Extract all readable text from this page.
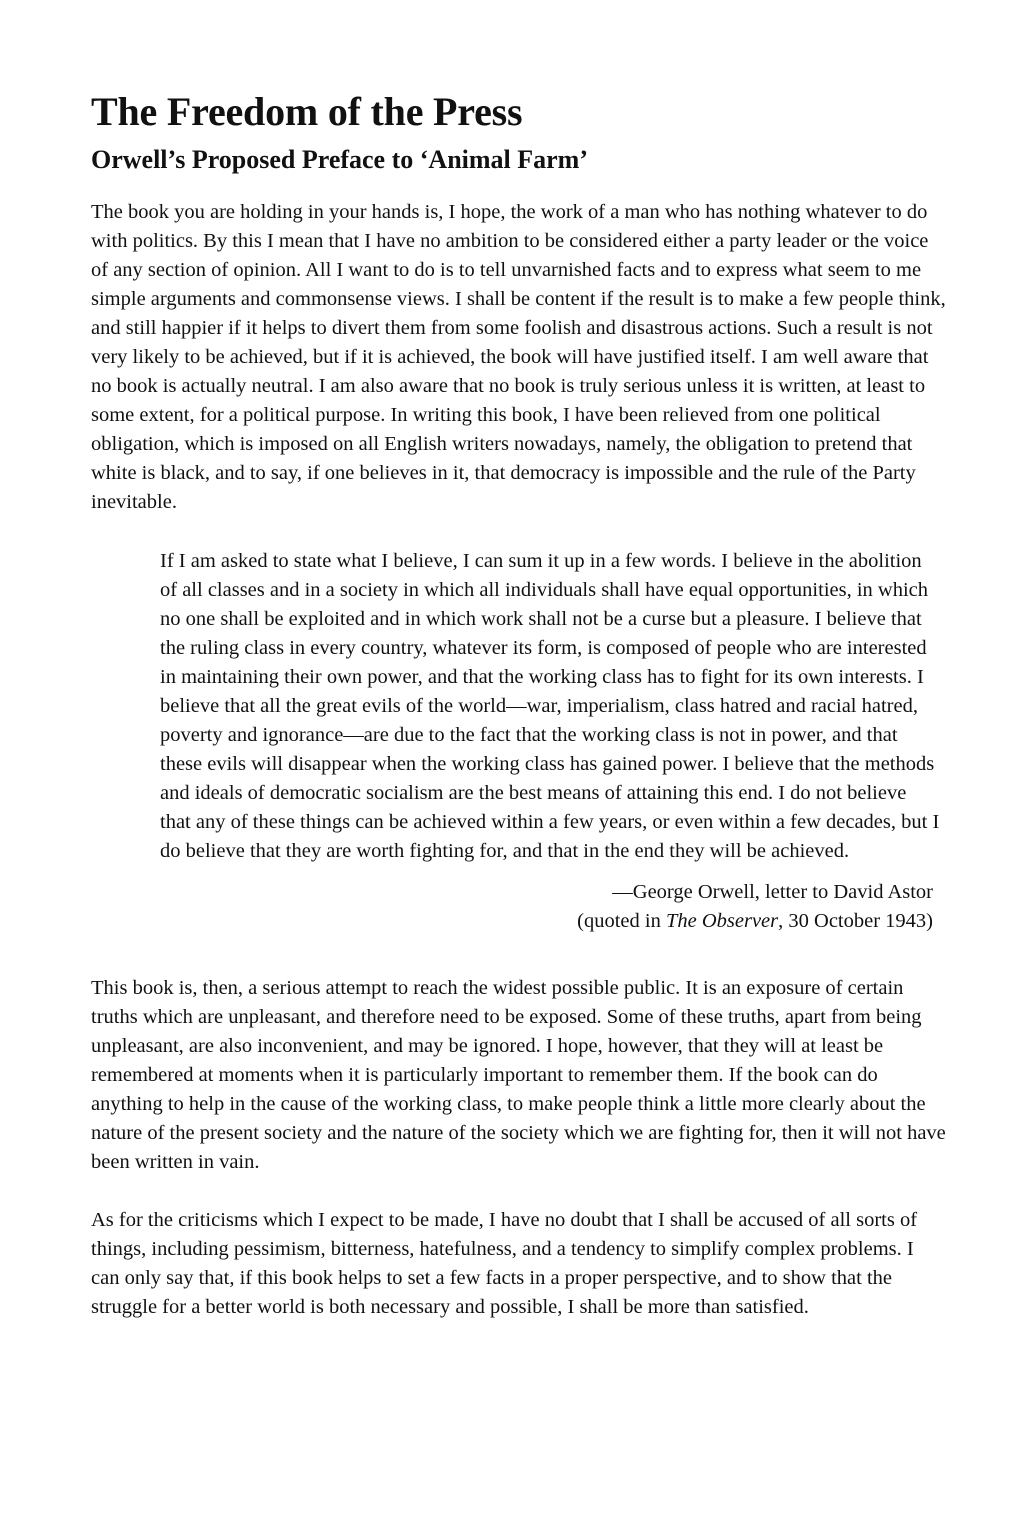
The Freedom of the Press
Orwell’s Proposed Preface to ‘Animal Farm’

The book you are holding in your hands is, I hope, the work of a man who has nothing whatever to do with politics. By this I mean that I have no ambition to be considered either a party leader or the voice of any section of opinion. All I want to do is to tell unvarnished facts and to express what seem to me simple arguments and commonsense views. I shall be content if the result is to make a few people think, and still happier if it helps to divert them from some foolish and disastrous actions. Such a result is not very likely to be achieved, but if it is achieved, the book will have justified itself. I am well aware that no book is actually neutral. I am also aware that no book is truly serious unless it is written, at least to some extent, for a political purpose. In writing this book, I have been relieved from one political obligation, which is imposed on all English writers nowadays, namely, the obligation to pretend that white is black, and to say, if one believes in it, that democracy is impossible and the rule of the Party inevitable.

If I am asked to state what I believe, I can sum it up in a few words. I believe in the abolition of all classes and in a society in which all individuals shall have equal opportunities, in which no one shall be exploited and in which work shall not be a curse but a pleasure. I believe that the ruling class in every country, whatever its form, is composed of people who are interested in maintaining their own power, and that the working class has to fight for its own interests. I believe that all the great evils of the world—war, imperialism, class hatred and racial hatred, poverty and ignorance—are due to the fact that the working class is not in power, and that these evils will disappear when the working class has gained power. I believe that the methods and ideals of democratic socialism are the best means of attaining this end. I do not believe that any of these things can be achieved within a few years, or even within a few decades, but I do believe that they are worth fighting for, and that in the end they will be achieved.

—George Orwell, letter to David Astor
(quoted in The Observer, 30 October 1943)

This book is, then, a serious attempt to reach the widest possible public. It is an exposure of certain truths which are unpleasant, and therefore need to be exposed. Some of these truths, apart from being unpleasant, are also inconvenient, and may be ignored. I hope, however, that they will at least be remembered at moments when it is particularly important to remember them. If the book can do anything to help in the cause of the working class, to make people think a little more clearly about the nature of the present society and the nature of the society which we are fighting for, then it will not have been written in vain.

As for the criticisms which I expect to be made, I have no doubt that I shall be accused of all sorts of things, including pessimism, bitterness, hatefulness, and a tendency to simplify complex problems. I can only say that, if this book helps to set a few facts in a proper perspective, and to show that the struggle for a better world is both necessary and possible, I shall be more than satisfied.
